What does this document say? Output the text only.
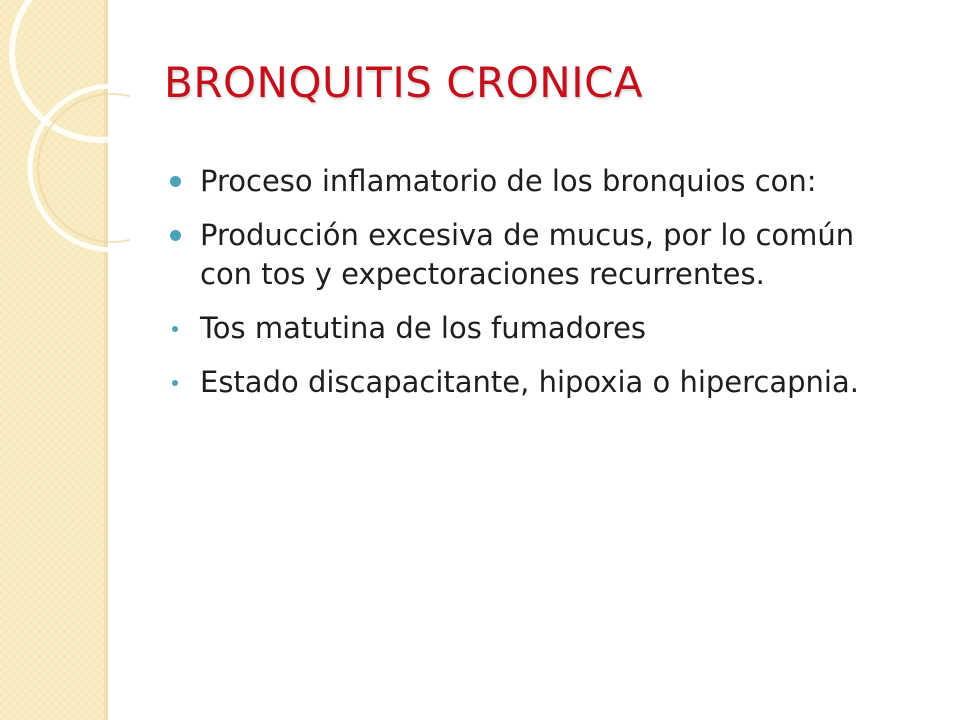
BRONQUITIS CRONICA
Proceso inflamatorio de los bronquios con:
Producción excesiva de mucus, por lo común con tos y expectoraciones recurrentes.
Tos matutina de los fumadores
Estado discapacitante, hipoxia o hipercapnia.
